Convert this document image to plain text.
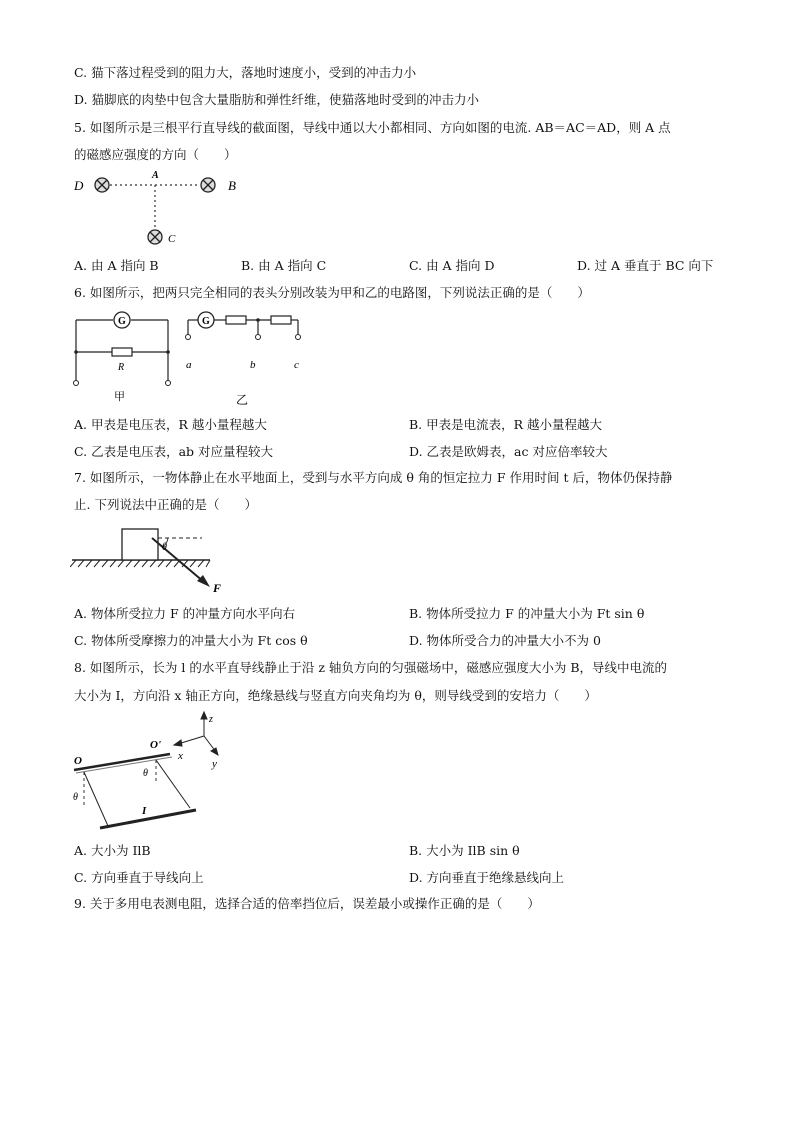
C. 猫下落过程受到的阻力大，落地时速度小，受到的冲击力小
D. 猫脚底的肉垫中包含大量脂肪和弹性纤维，使猫落地时受到的冲击力小
5. 如图所示是三根平行直导线的截面图，导线中通以大小都相同、方向如图的电流. AB＝AC＝AD，则 A 点
的磁感应强度的方向（　　）
D
A
B
C
A. 由 A 指向 B	B. 由 A 指向 C	C. 由 A 指向 D	D. 过 A 垂直于 BC 向下
6. 如图所示，把两只完全相同的表头分别改装为甲和乙的电路图，下列说法正确的是（　　）
G
R
甲
G
a	b	c
乙
A. 甲表是电压表，R 越小量程越大	B. 甲表是电流表，R 越小量程越大
C. 乙表是电压表，ab 对应量程较大	D. 乙表是欧姆表，ac 对应倍率较大
7. 如图所示，一物体静止在水平地面上，受到与水平方向成 θ 角的恒定拉力 F 作用时间 t 后，物体仍保持静
止. 下列说法中正确的是（　　）
θ
F
A. 物体所受拉力 F 的冲量方向水平向右	B. 物体所受拉力 F 的冲量大小为 Ft sin θ
C. 物体所受摩擦力的冲量大小为 Ft cos θ	D. 物体所受合力的冲量大小不为 0
8. 如图所示，长为 l 的水平直导线静止于沿 z 轴负方向的匀强磁场中，磁感应强度大小为 B，导线中电流的
大小为 I，方向沿 x 轴正方向，绝缘悬线与竖直方向夹角均为 θ，则导线受到的安培力（　　）
O
O'
θ
θ
I
z
x
y
A. 大小为 IlB	B. 大小为 IlB sin θ
C. 方向垂直于导线向上	D. 方向垂直于绝缘悬线向上
9. 关于多用电表测电阻，选择合适的倍率挡位后，误差最小或操作正确的是（　　）
